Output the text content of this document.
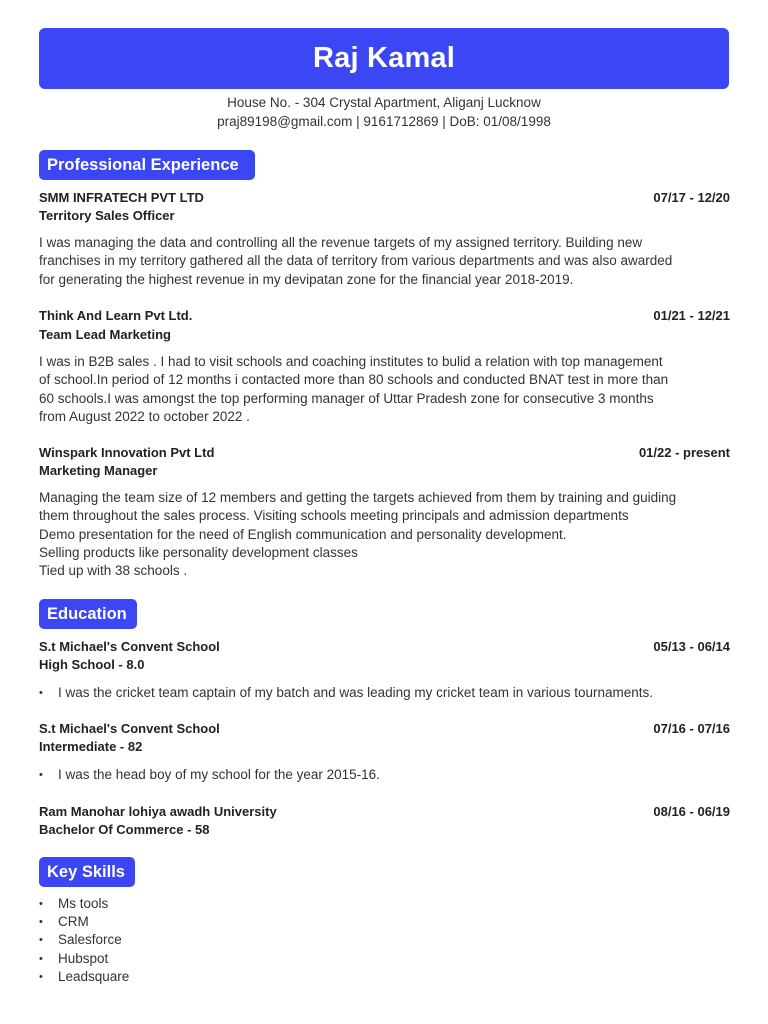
Raj Kamal
House No. - 304 Crystal Apartment, Aliganj Lucknow
praj89198@gmail.com | 9161712869 | DoB: 01/08/1998
Professional Experience
SMM INFRATECH PVT LTD	07/17 - 12/20
Territory Sales Officer
I was managing the data and controlling all the revenue targets of my assigned territory. Building new
franchises in my territory gathered all the data of territory from various departments and was also awarded
for generating the highest revenue in my devipatan zone for the financial year 2018-2019.
Think And Learn Pvt Ltd.	01/21 - 12/21
Team Lead Marketing
I was in B2B sales . I had to visit schools and coaching institutes to bulid a relation with top management
of school.In period of 12 months i contacted more than 80 schools and conducted BNAT test in more than
60 schools.I was amongst the top performing manager of Uttar Pradesh zone for consecutive 3 months
from August 2022 to october 2022 .
Winspark Innovation Pvt Ltd	01/22 - present
Marketing Manager
Managing the team size of 12 members and getting the targets achieved from them by training and guiding
them throughout the sales process. Visiting schools meeting principals and admission departments
Demo presentation for the need of English communication and personality development.
Selling products like personality development classes
Tied up with 38 schools .
Education
S.t Michael's Convent School	05/13 - 06/14
High School - 8.0
• I was the cricket team captain of my batch and was leading my cricket team in various tournaments.
S.t Michael's Convent School	07/16 - 07/16
Intermediate - 82
• I was the head boy of my school for the year 2015-16.
Ram Manohar lohiya awadh University	08/16 - 06/19
Bachelor Of Commerce - 58
Key Skills
• Ms tools
• CRM
• Salesforce
• Hubspot
• Leadsquare
